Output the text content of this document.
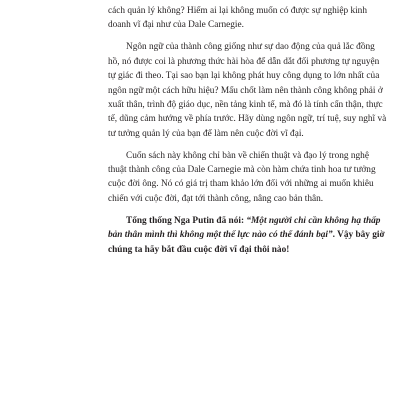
cách quản lý không? Hiếm ai lại không muốn có được sự nghiệp kinh
doanh vĩ đại như của Dale Carnegie.

Ngôn ngữ của thành công giống như sự dao động của quả lắc đồng
hồ, nó được coi là phương thức hài hòa để dẫn dắt đối phương tự nguyện
tự giác đi theo. Tại sao bạn lại không phát huy công dụng to lớn nhất của
ngôn ngữ một cách hữu hiệu? Mấu chốt làm nên thành công không phải ở
xuất thân, trình độ giáo dục, nền tảng kinh tế, mà đó là tính cẩn thận, thực
tế, dũng cảm hướng về phía trước. Hãy dùng ngôn ngữ, trí tuệ, suy nghĩ và
tư tưởng quản lý của bạn để làm nên cuộc đời vĩ đại.

Cuốn sách này không chỉ bàn về chiến thuật và đạo lý trong nghệ
thuật thành công của Dale Carnegie mà còn hàm chứa tinh hoa tư tưởng
cuộc đời ông. Nó có giá trị tham khảo lớn đối với những ai muốn khiêu
chiến với cuộc đời, đạt tới thành công, nâng cao bản thân.

Tổng thống Nga Putin đã nói: “Một người chỉ cần không hạ thấp
bản thân mình thì không một thế lực nào có thể đánh bại”. Vậy bây giờ
chúng ta hãy bắt đầu cuộc đời vĩ đại thôi nào!
